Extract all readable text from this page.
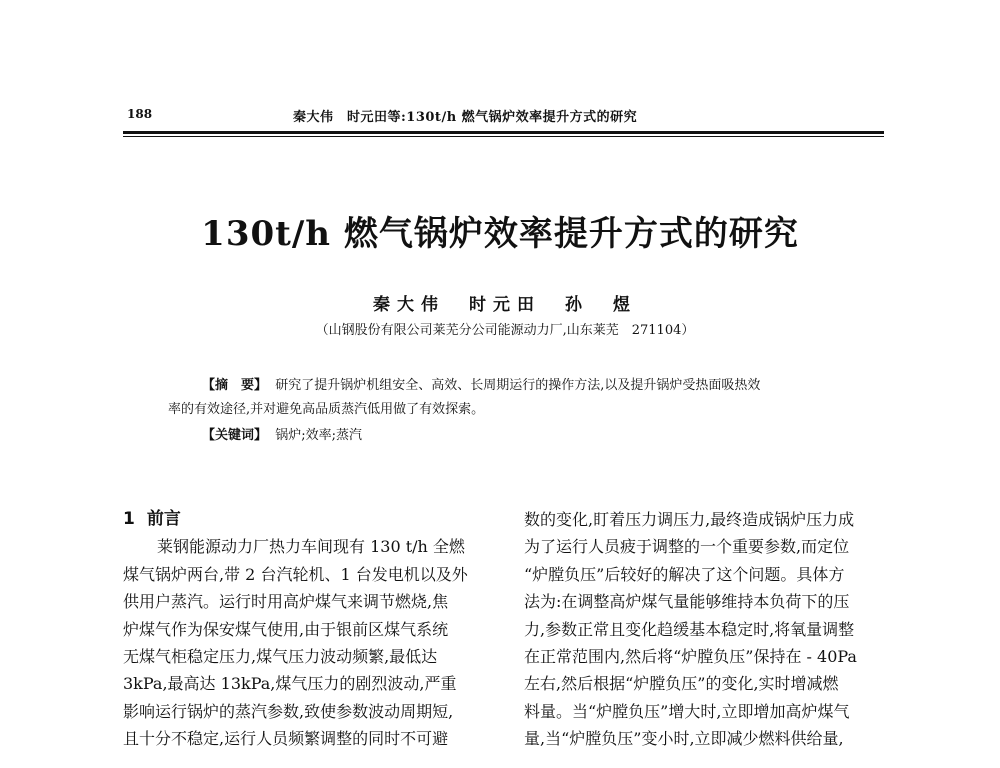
188	秦大伟　时元田等:130t/h 燃气锅炉效率提升方式的研究
130t/h 燃气锅炉效率提升方式的研究
秦大伟　时元田　孙　煜
（山钢股份有限公司莱芜分公司能源动力厂,山东莱芜　271104）
【摘　要】 研究了提升锅炉机组安全、高效、长周期运行的操作方法,以及提升锅炉受热面吸热效
率的有效途径,并对避免高品质蒸汽低用做了有效探索。
【关键词】 锅炉;效率;蒸汽
1 前言
莱钢能源动力厂热力车间现有 130 t/h 全燃
煤气锅炉两台,带 2 台汽轮机、1 台发电机以及外
供用户蒸汽。运行时用高炉煤气来调节燃烧,焦
炉煤气作为保安煤气使用,由于银前区煤气系统
无煤气柜稳定压力,煤气压力波动频繁,最低达
3kPa,最高达 13kPa,煤气压力的剧烈波动,严重
影响运行锅炉的蒸汽参数,致使参数波动周期短,
且十分不稳定,运行人员频繁调整的同时不可避
数的变化,盯着压力调压力,最终造成锅炉压力成
为了运行人员疲于调整的一个重要参数,而定位
“炉膛负压”后较好的解决了这个问题。具体方
法为:在调整高炉煤气量能够维持本负荷下的压
力,参数正常且变化趋缓基本稳定时,将氧量调整
在正常范围内,然后将“炉膛负压”保持在 - 40Pa
左右,然后根据“炉膛负压”的变化,实时增减燃
料量。当“炉膛负压”增大时,立即增加高炉煤气
量,当“炉膛负压”变小时,立即减少燃料供给量,
